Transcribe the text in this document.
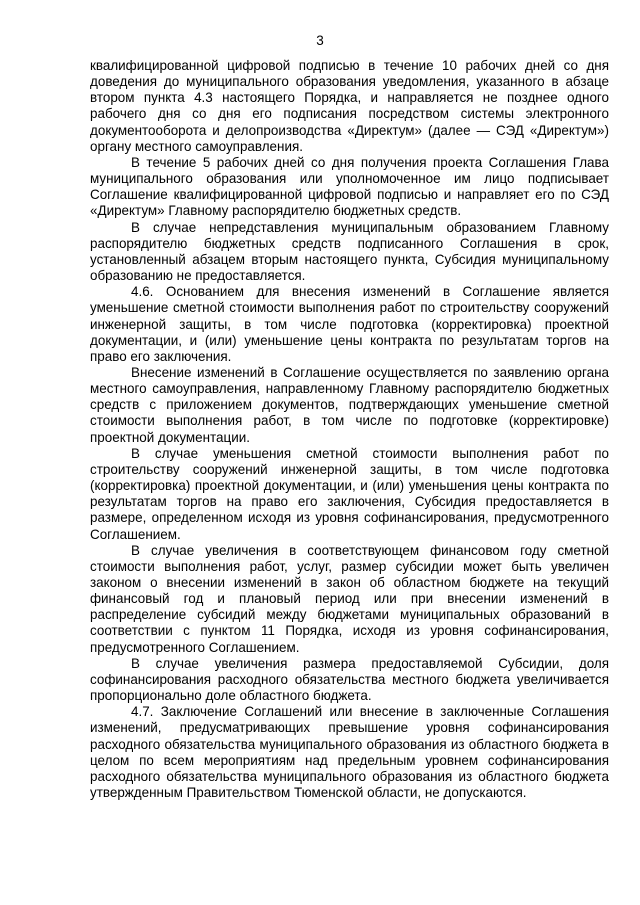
3

квалифицированной цифровой подписью в течение 10 рабочих дней со дня доведения до муниципального образования уведомления, указанного в абзаце втором пункта 4.3 настоящего Порядка, и направляется не позднее одного рабочего дня со дня его подписания посредством системы электронного документооборота и делопроизводства «Директум» (далее — СЭД «Директум») органу местного самоуправления.

В течение 5 рабочих дней со дня получения проекта Соглашения Глава муниципального образования или уполномоченное им лицо подписывает Соглашение квалифицированной цифровой подписью и направляет его по СЭД «Директум» Главному распорядителю бюджетных средств.

В случае непредставления муниципальным образованием Главному распорядителю бюджетных средств подписанного Соглашения в срок, установленный абзацем вторым настоящего пункта, Субсидия муниципальному образованию не предоставляется.

4.6. Основанием для внесения изменений в Соглашение является уменьшение сметной стоимости выполнения работ по строительству сооружений инженерной защиты, в том числе подготовка (корректировка) проектной документации, и (или) уменьшение цены контракта по результатам торгов на право его заключения.

Внесение изменений в Соглашение осуществляется по заявлению органа местного самоуправления, направленному Главному распорядителю бюджетных средств с приложением документов, подтверждающих уменьшение сметной стоимости выполнения работ, в том числе по подготовке (корректировке) проектной документации.

В случае уменьшения сметной стоимости выполнения работ по строительству сооружений инженерной защиты, в том числе подготовка (корректировка) проектной документации, и (или) уменьшения цены контракта по результатам торгов на право его заключения, Субсидия предоставляется в размере, определенном исходя из уровня софинансирования, предусмотренного Соглашением.

В случае увеличения в соответствующем финансовом году сметной стоимости выполнения работ, услуг, размер субсидии может быть увеличен законом о внесении изменений в закон об областном бюджете на текущий финансовый год и плановый период или при внесении изменений в распределение субсидий между бюджетами муниципальных образований в соответствии с пунктом 11 Порядка, исходя из уровня софинансирования, предусмотренного Соглашением.

В случае увеличения размера предоставляемой Субсидии, доля софинансирования расходного обязательства местного бюджета увеличивается пропорционально доле областного бюджета.

4.7. Заключение Соглашений или внесение в заключенные Соглашения изменений, предусматривающих превышение уровня софинансирования расходного обязательства муниципального образования из областного бюджета в целом по всем мероприятиям над предельным уровнем софинансирования расходного обязательства муниципального образования из областного бюджета утвержденным Правительством Тюменской области, не допускаются.
